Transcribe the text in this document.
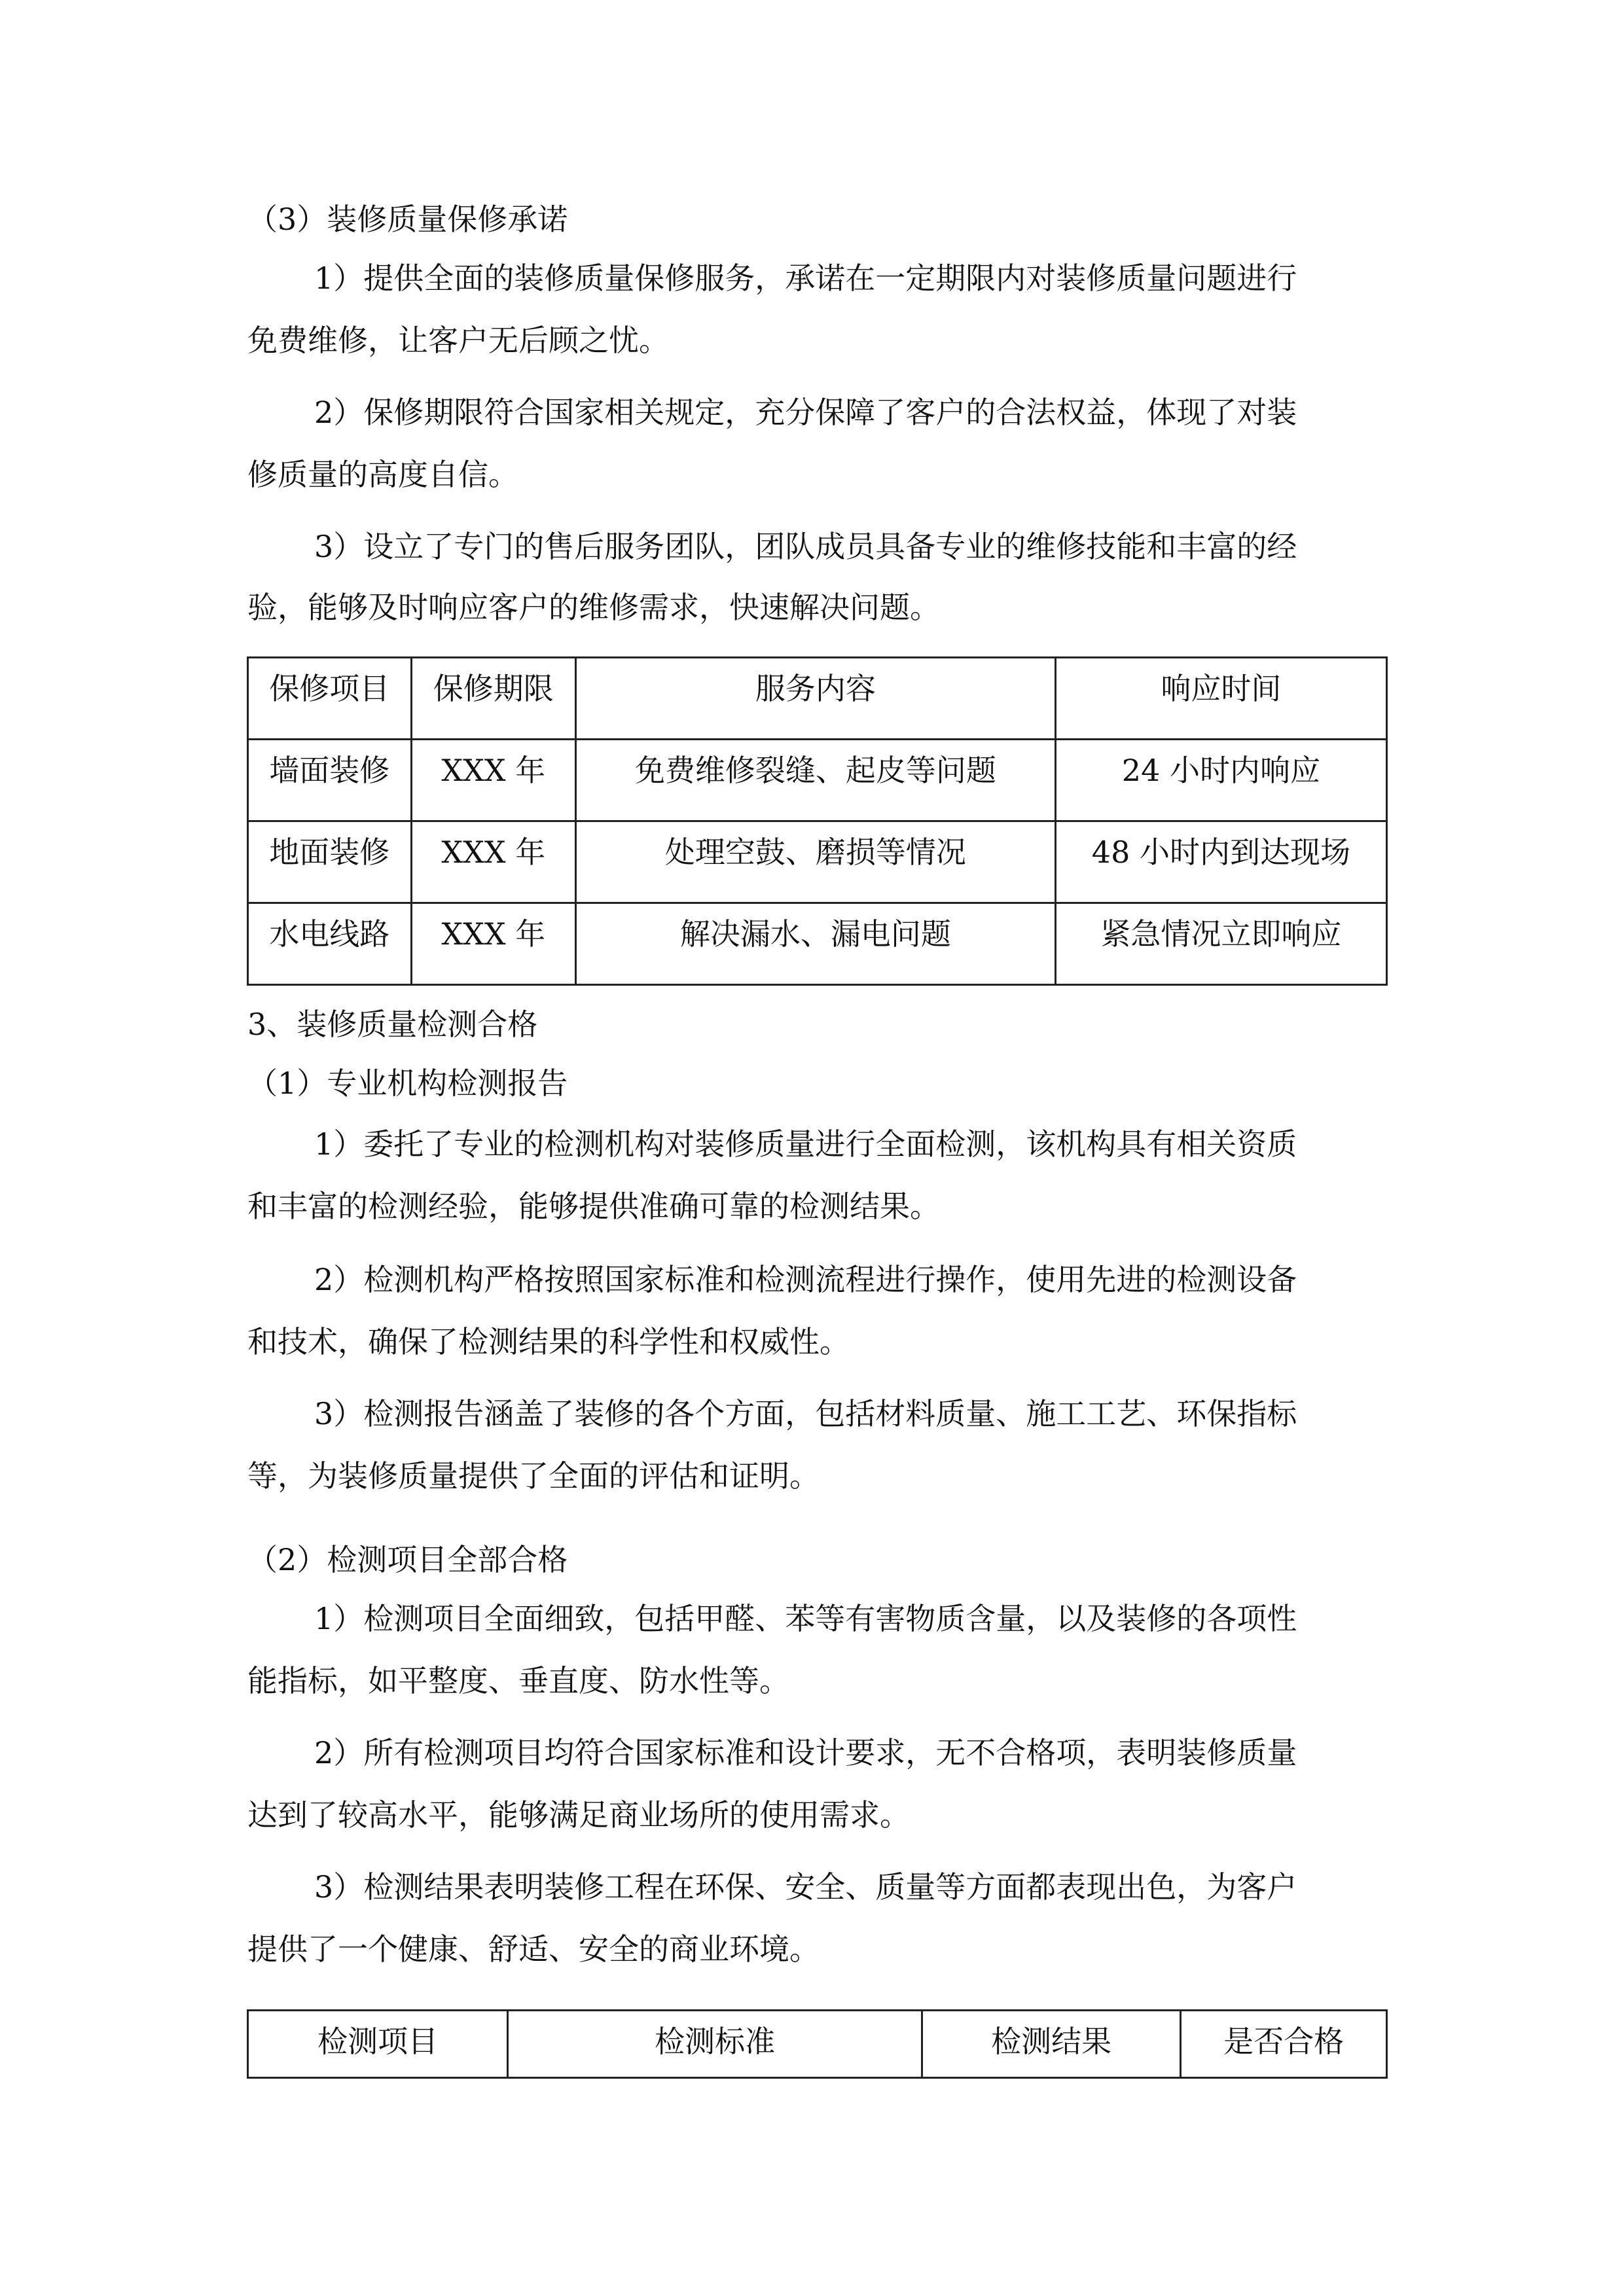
（3）装修质量保修承诺

1）提供全面的装修质量保修服务，承诺在一定期限内对装修质量问题进行

免费维修，让客户无后顾之忧。

2）保修期限符合国家相关规定，充分保障了客户的合法权益，体现了对装

修质量的高度自信。

3）设立了专门的售后服务团队，团队成员具备专业的维修技能和丰富的经

验，能够及时响应客户的维修需求，快速解决问题。

保修项目	保修期限	服务内容	响应时间
墙面装修	XXX 年	免费维修裂缝、起皮等问题	24 小时内响应
地面装修	XXX 年	处理空鼓、磨损等情况	48 小时内到达现场
水电线路	XXX 年	解决漏水、漏电问题	紧急情况立即响应

3、装修质量检测合格

（1）专业机构检测报告

1）委托了专业的检测机构对装修质量进行全面检测，该机构具有相关资质

和丰富的检测经验，能够提供准确可靠的检测结果。

2）检测机构严格按照国家标准和检测流程进行操作，使用先进的检测设备

和技术，确保了检测结果的科学性和权威性。

3）检测报告涵盖了装修的各个方面，包括材料质量、施工工艺、环保指标

等，为装修质量提供了全面的评估和证明。

（2）检测项目全部合格

1）检测项目全面细致，包括甲醛、苯等有害物质含量，以及装修的各项性

能指标，如平整度、垂直度、防水性等。

2）所有检测项目均符合国家标准和设计要求，无不合格项，表明装修质量

达到了较高水平，能够满足商业场所的使用需求。

3）检测结果表明装修工程在环保、安全、质量等方面都表现出色，为客户

提供了一个健康、舒适、安全的商业环境。

检测项目	检测标准	检测结果	是否合格
